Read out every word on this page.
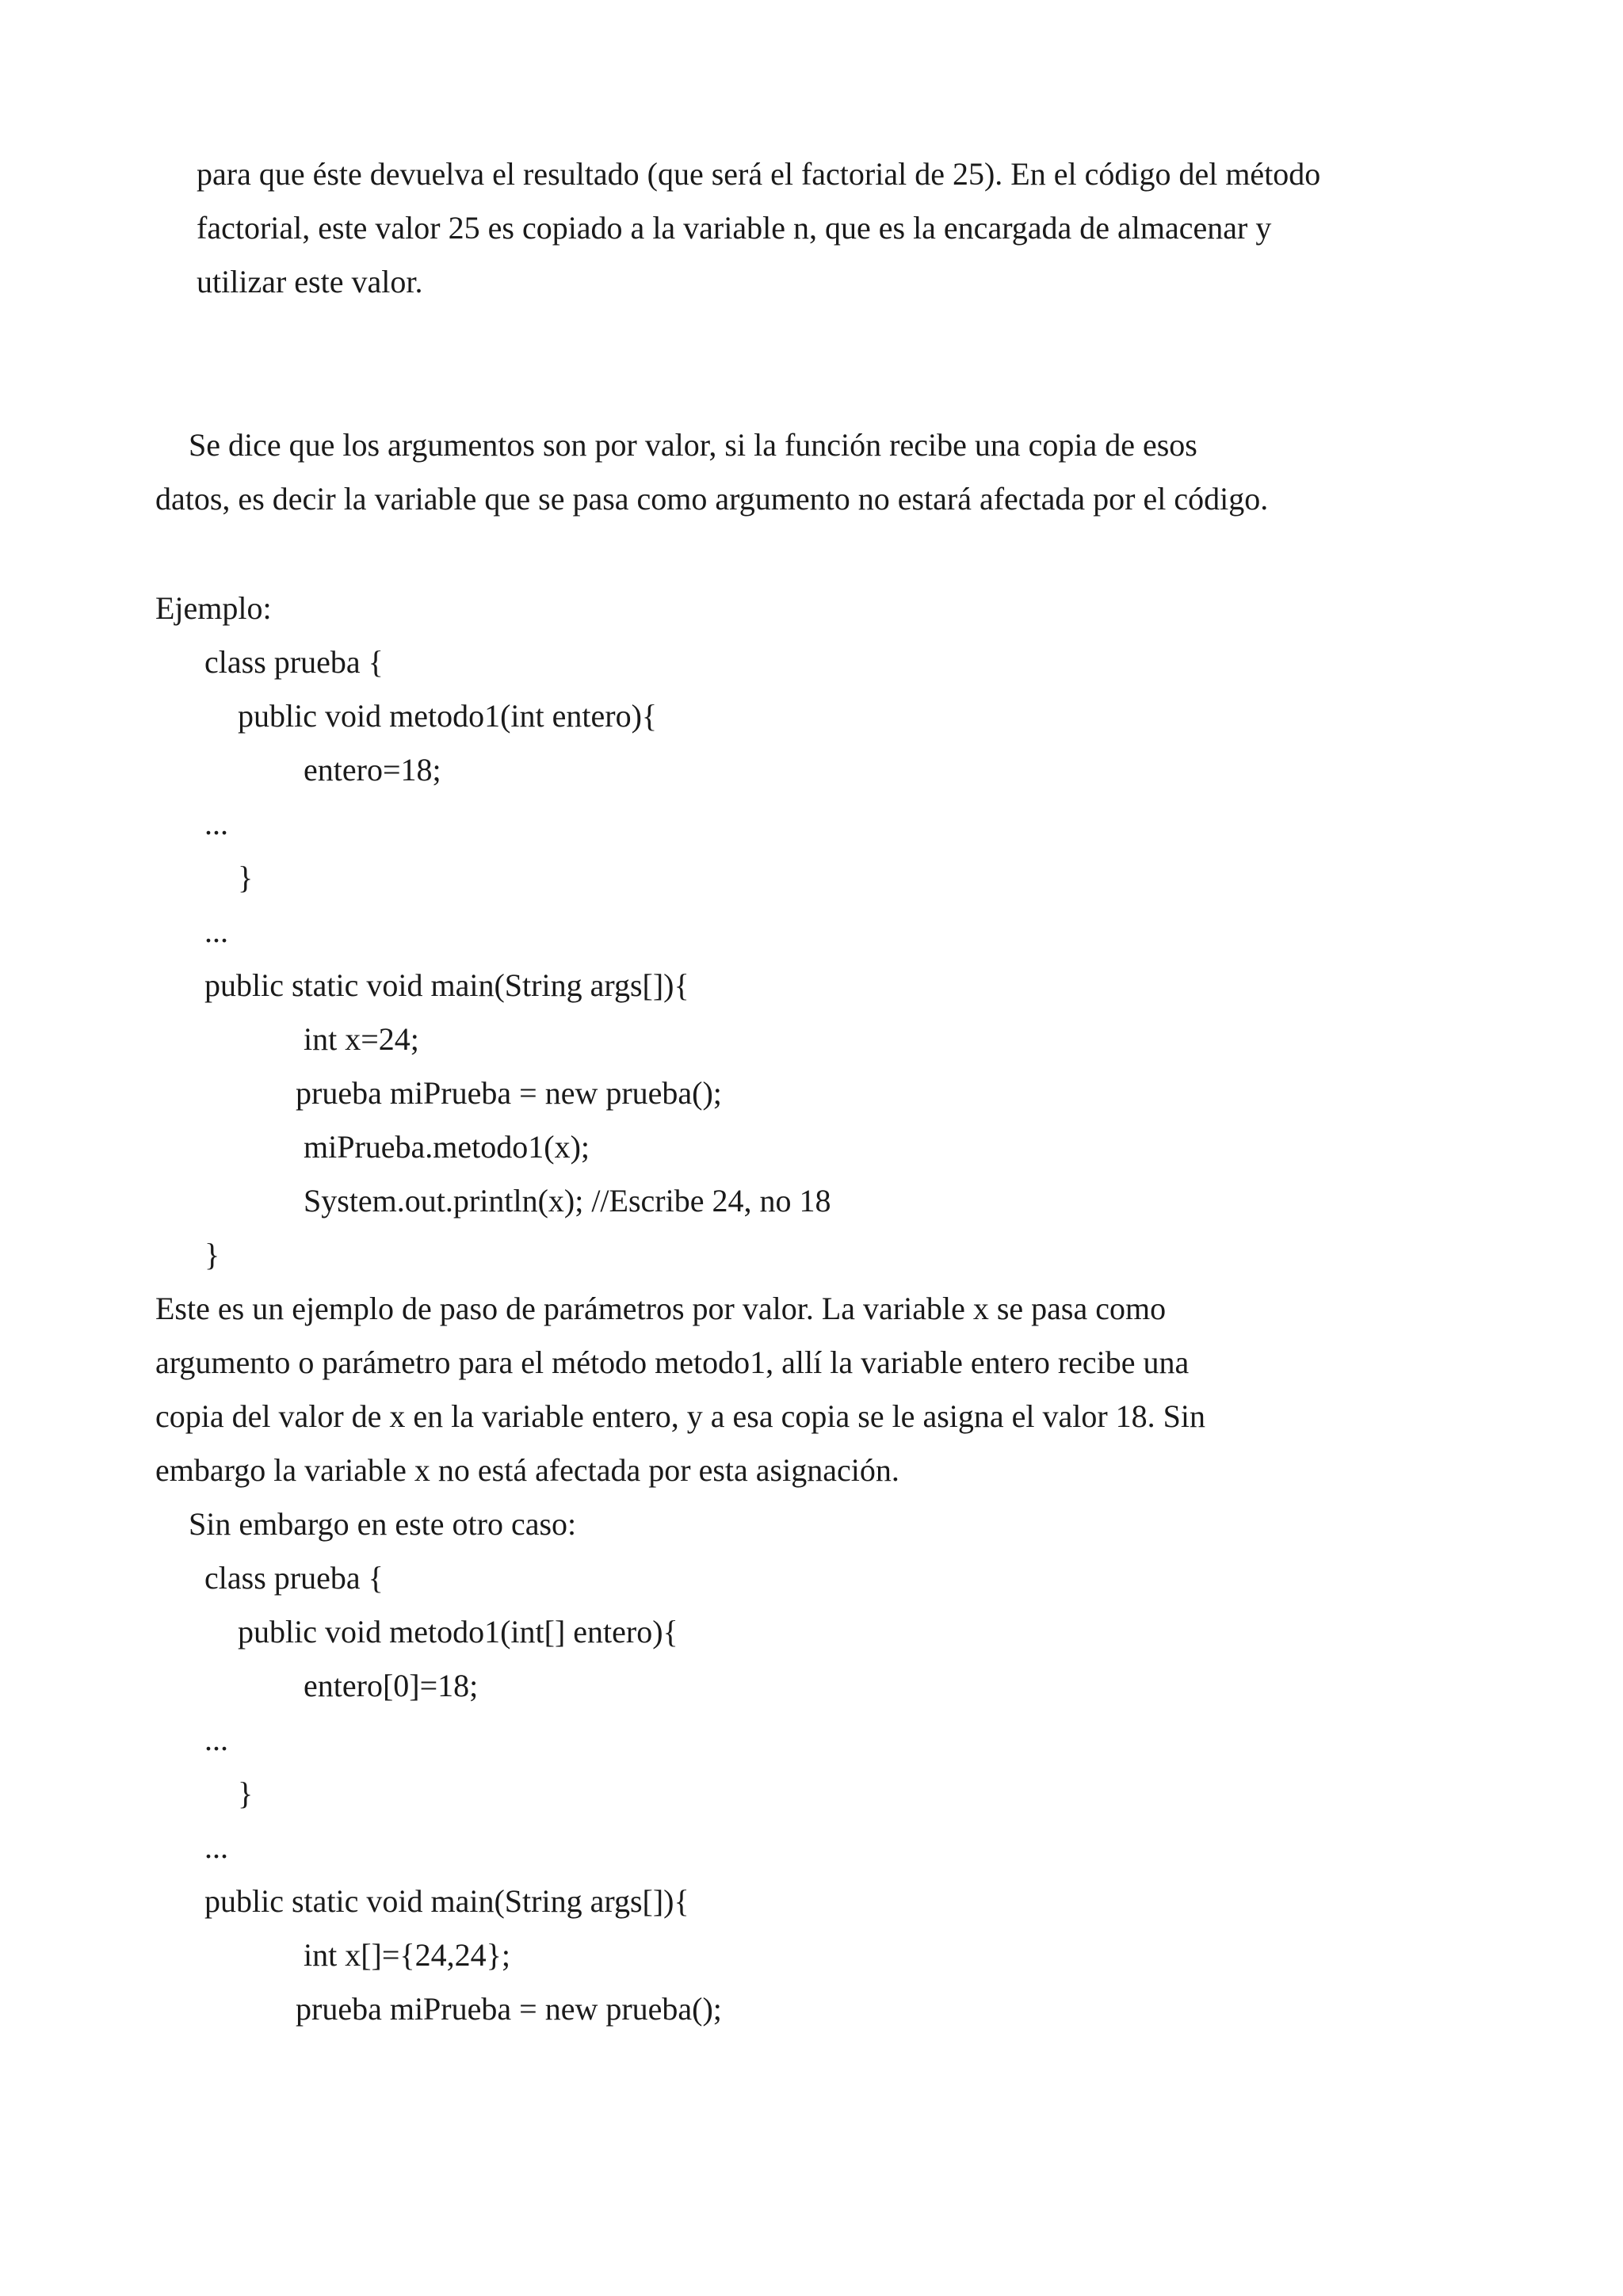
para que éste devuelva el resultado (que será el factorial de 25). En el código del método
factorial, este valor 25 es copiado a la variable n, que es la encargada de almacenar y
utilizar este valor.
Se dice que los argumentos son por valor, si la función recibe una copia de esos
datos, es decir la variable que se pasa como argumento no estará afectada por el código.
Ejemplo:
class prueba {
public void metodo1(int entero){
entero=18;
...
}
...
public static void main(String args[]){
int x=24;
prueba miPrueba = new prueba();
miPrueba.metodo1(x);
System.out.println(x); //Escribe 24, no 18
}
Este es un ejemplo de paso de parámetros por valor. La variable x se pasa como
argumento o parámetro para el método metodo1, allí la variable entero recibe una
copia del valor de x en la variable entero, y a esa copia se le asigna el valor 18. Sin
embargo la variable x no está afectada por esta asignación.
Sin embargo en este otro caso:
class prueba {
public void metodo1(int[] entero){
entero[0]=18;
...
}
...
public static void main(String args[]){
int x[]={24,24};
prueba miPrueba = new prueba();
